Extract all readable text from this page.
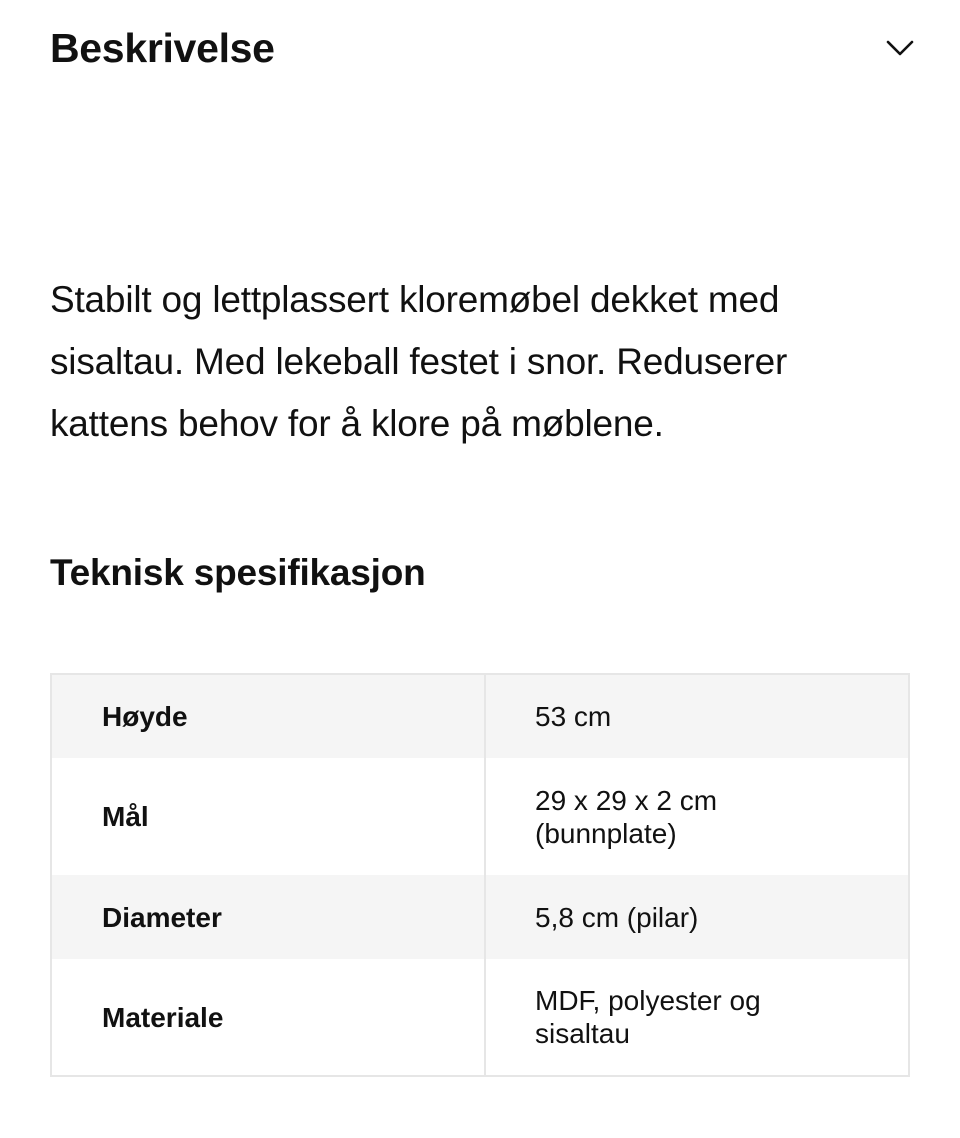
Beskrivelse

Stabilt og lettplassert kloremøbel dekket med sisaltau. Med lekeball festet i snor. Reduserer kattens behov for å klore på møblene.

Teknisk spesifikasjon
Høyde	53 cm

Mål	29 x 29 x 2 cm
(bunnplate)

Diameter	5,8 cm (pilar)

Materiale	MDF, polyester og
sisaltau
